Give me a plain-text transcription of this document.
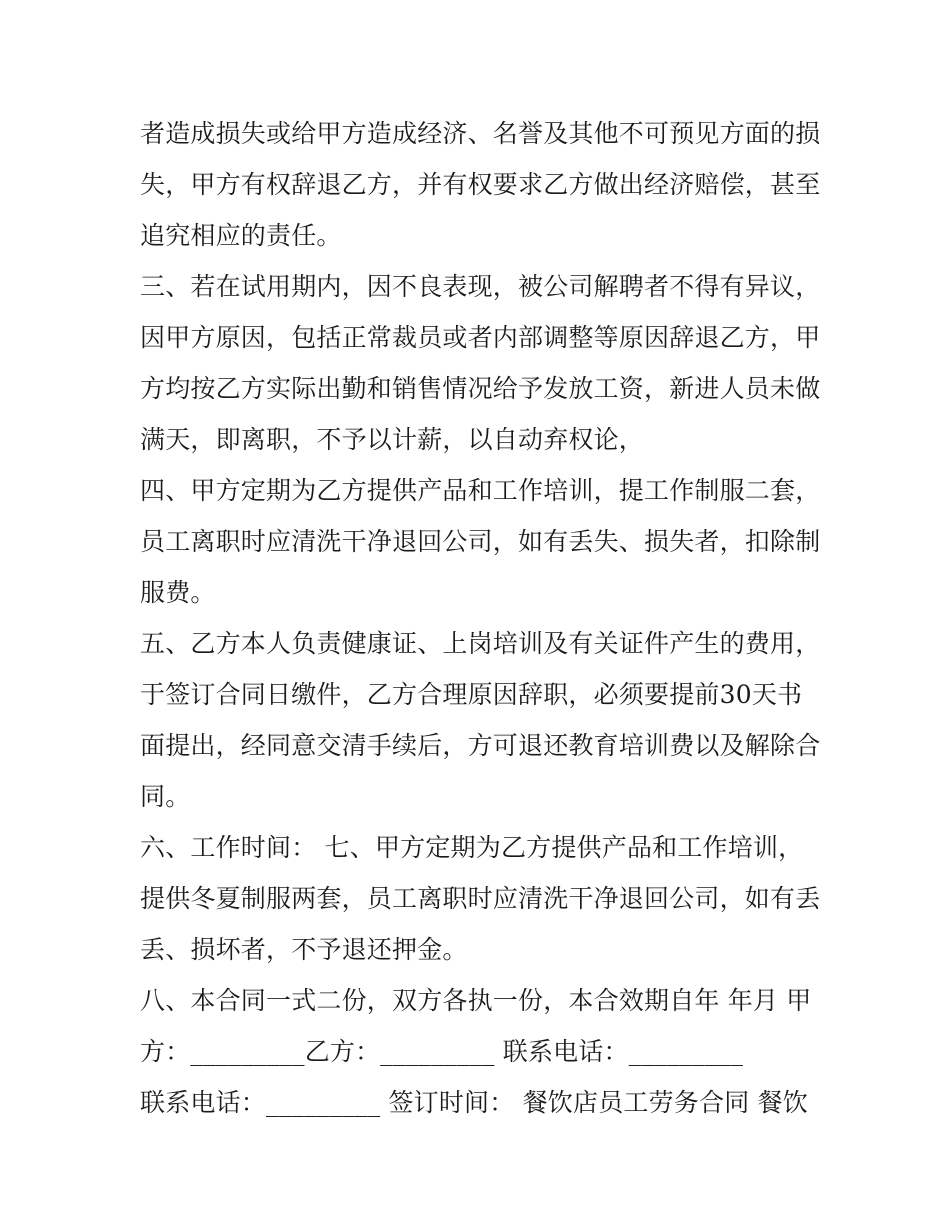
者造成损失或给甲方造成经济、名誉及其他不可预见方面的损
失，甲方有权辞退乙方，并有权要求乙方做出经济赔偿，甚至
追究相应的责任。
三、若在试用期内，因不良表现，被公司解聘者不得有异议，
因甲方原因，包括正常裁员或者内部调整等原因辞退乙方，甲
方均按乙方实际出勤和销售情况给予发放工资，新进人员未做
满天，即离职，不予以计薪，以自动弃权论，
四、甲方定期为乙方提供产品和工作培训，提工作制服二套，
员工离职时应清洗干净退回公司，如有丢失、损失者，扣除制
服费。
五、乙方本人负责健康证、上岗培训及有关证件产生的费用，
于签订合同日缴件，乙方合理原因辞职，必须要提前30天书
面提出，经同意交清手续后，方可退还教育培训费以及解除合
同。
六、工作时间： 七、甲方定期为乙方提供产品和工作培训，
提供冬夏制服两套，员工离职时应清洗干净退回公司，如有丢
丢、损坏者，不予退还押金。
八、本合同一式二份，双方各执一份，本合效期自年 年月 甲
方：_________乙方：_________ 联系电话：_________
联系电话：_________ 签订时间： 餐饮店员工劳务合同 餐饮
